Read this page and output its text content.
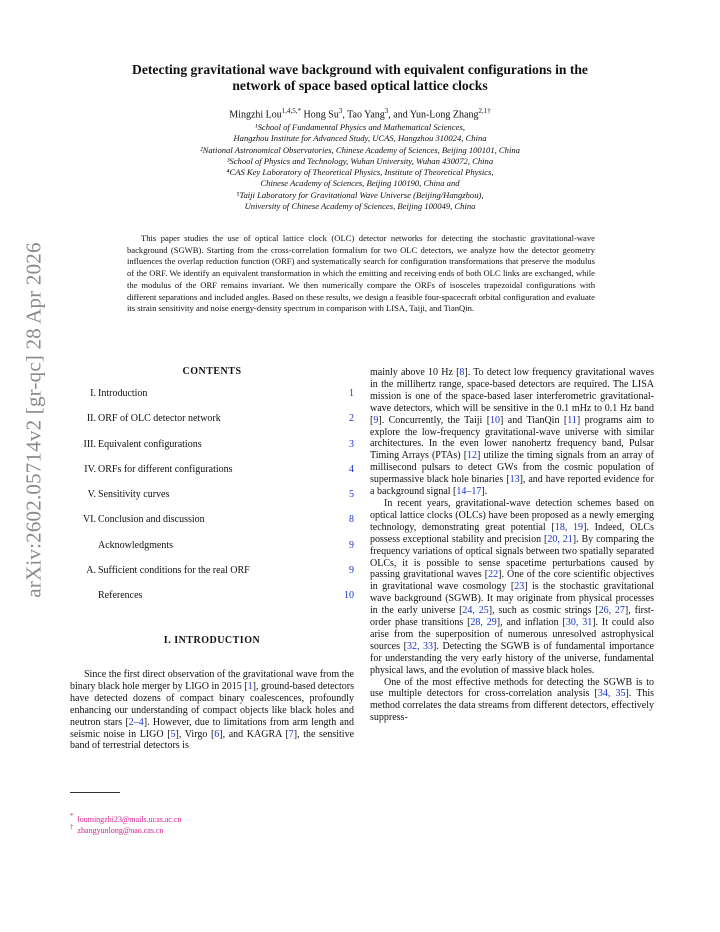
arXiv:2602.05714v2 [gr-qc] 28 Apr 2026
Detecting gravitational wave background with equivalent configurations in the
network of space based optical lattice clocks
Mingzhi Lou$^{1,4,5,*}$ Hong Su$^3$, Tao Yang$^3$, and Yun-Long Zhang$^{2,1\dagger}$
¹School of Fundamental Physics and Mathematical Sciences,
Hangzhou Institute for Advanced Study, UCAS, Hangzhou 310024, China
²National Astronomical Observatories, Chinese Academy of Sciences, Beijing 100101, China
³School of Physics and Technology, Wuhan University, Wuhan 430072, China
⁴CAS Key Laboratory of Theoretical Physics, Institute of Theoretical Physics,
Chinese Academy of Sciences, Beijing 100190, China and
⁵Taiji Laboratory for Gravitational Wave Universe (Beijing/Hangzhou),
University of Chinese Academy of Sciences, Beijing 100049, China

This paper studies the use of optical lattice clock (OLC) detector networks for detecting the stochastic gravitational-wave background (SGWB). Starting from the cross-correlation formalism for two OLC detectors, we analyze how the detector geometry influences the overlap reduction function (ORF) and systematically search for configuration transformations that preserve the modulus of the ORF. We identify an equivalent transformation in which the emitting and receiving ends of both OLC links are exchanged, while the modulus of the ORF remains invariant. We then numerically compare the ORFs of isosceles trapezoidal configurations with different separations and included angles. Based on these results, we design a feasible four-spacecraft orbital configuration and evaluate its strain sensitivity and noise energy-density spectrum in comparison with LISA, Taiji, and TianQin.

CONTENTS
I. Introduction	1
II. ORF of OLC detector network	2
III. Equivalent configurations	3
IV. ORFs for different configurations	4
V. Sensitivity curves	5
VI. Conclusion and discussion	8
Acknowledgments	9
A. Sufficient conditions for the real ORF	9
References	10
I. INTRODUCTION

Since the first direct observation of the gravitational wave from the binary black hole merger by LIGO in 2015 [1], ground-based detectors have detected dozens of compact binary coalescences, profoundly enhancing our understanding of compact objects like black holes and neutron stars [2–4]. However, due to limitations from arm length and seismic noise in LIGO [5], Virgo [6], and KAGRA [7], the sensitive band of terrestrial detectors is

mainly above 10 Hz [8]. To detect low frequency gravitational waves in the millihertz range, space-based detectors are required. The LISA mission is one of the space-based laser interferometric gravitational-wave detectors, which will be sensitive in the 0.1 mHz to 0.1 Hz band [9]. Concurrently, the Taiji [10] and TianQin [11] programs aim to explore the low-frequency gravitational-wave universe with similar architectures. In the even lower nanohertz frequency band, Pulsar Timing Arrays (PTAs) [12] utilize the timing signals from an array of millisecond pulsars to detect GWs from the cosmic population of supermassive black hole binaries [13], and have reported evidence for a background signal [14–17].

In recent years, gravitational-wave detection schemes based on optical lattice clocks (OLCs) have been proposed as a newly emerging technology, demonstrating great potential [18, 19]. Indeed, OLCs possess exceptional stability and precision [20, 21]. By comparing the frequency variations of optical signals between two spatially separated OLCs, it is possible to sense spacetime perturbations caused by passing gravitational waves [22]. One of the core scientific objectives in gravitational wave cosmology [23] is the stochastic gravitational wave background (SGWB). It may originate from physical processes in the early universe [24, 25], such as cosmic strings [26, 27], first-order phase transitions [28, 29], and inflation [30, 31]. It could also arise from the superposition of numerous unresolved astrophysical sources [32, 33]. Detecting the SGWB is of fundamental importance for understanding the very early history of the universe, fundamental physical laws, and the evolution of massive black holes.

One of the most effective methods for detecting the SGWB is to use multiple detectors for cross-correlation analysis [34, 35]. This method correlates the data streams from different detectors, effectively suppress-

* loumingzhi23@mails.ucas.ac.cn
† zhangyunlong@nao.cas.cn
